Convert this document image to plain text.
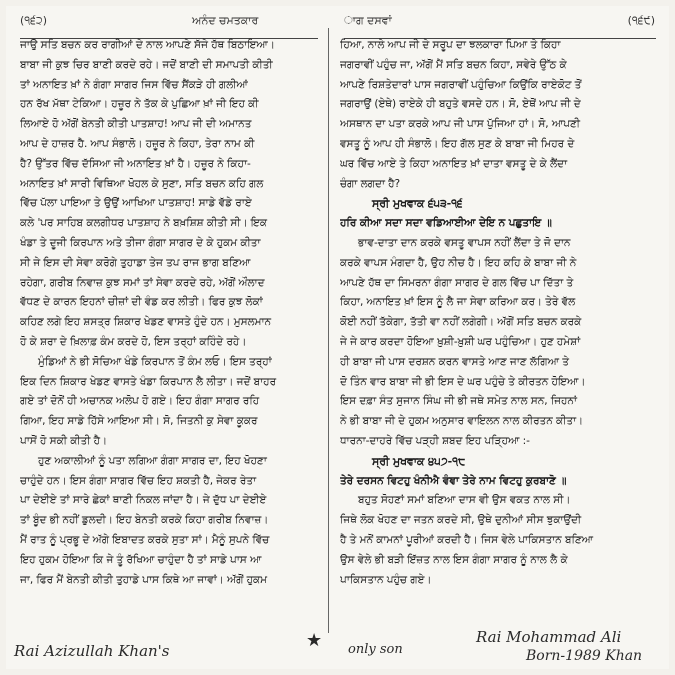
(੧੬੨)	ਅਨੰਦ ਚਮਤਕਾਰ	ਾਗ ਦਸਵਾਂ	(੧੬੯)
ਜਾਉ ਸਤਿ ਬਚਨ ਕਰ ਰਾਗੀਆਂ ਦੇ ਨਾਲ ਆਪਣੇ ਸੱਜੇ ਹੱਥ ਬਿਠਾਇਆ।
ਬਾਬਾ ਜੀ ਕੁਝ ਚਿਰ ਬਾਣੀ ਕਰਦੇ ਰਹੇ। ਜਦੋਂ ਬਾਣੀ ਦੀ ਸਮਾਪਤੀ ਕੀਤੀ
ਤਾਂ ਅਨਾਇਤ ਖ਼ਾਂ ਨੇ ਗੰਗਾ ਸਾਗਰ ਜਿਸ ਵਿੱਚ ਸੈਂਕੜੇ ਹੀ ਗਲੀਆਂ
ਹਨ ਰੱਖ ਮੱਥਾ ਟੇਕਿਆ। ਹਜ਼ੂਰ ਨੇ ਤੱਕ ਕੇ ਪੁਛਿਆ ਖ਼ਾਂ ਜੀ ਇਹ ਕੀ
ਲਿਆਏ ਹੋ ਅੱਗੋਂ ਬੇਨਤੀ ਕੀਤੀ ਪਾਤਸ਼ਾਹ! ਆਪ ਜੀ ਦੀ ਅਮਾਨਤ
ਆਪ ਦੇ ਹਾਜ਼ਰ ਹੈ. ਆਪ ਸੰਭਾਲੋ। ਹਜ਼ੂਰ ਨੇ ਕਿਹਾ, ਤੇਰਾ ਨਾਮ ਕੀ
ਹੈ? ਉੱਤਰ ਵਿੱਚ ਦੱਸਿਆ ਜੀ ਅਨਾਇਤ ਖ਼ਾਂ ਹੈ। ਹਜ਼ੂਰ ਨੇ ਕਿਹਾ-
ਅਨਾਇਤ ਖ਼ਾਂ ਸਾਰੀ ਵਿਥਿਆ ਖੋਹਲ ਕੇ ਸੁਣਾ, ਸਤਿ ਬਚਨ ਕਹਿ ਗਲ
ਵਿੱਚ ਪੱਲਾ ਪਾਇਆ ਤੇ ਉਉਂ ਆਖਿਆ ਪਾਤਸ਼ਾਹ! ਸਾਡੇ ਵੱਡੇ ਰਾਏ
ਕਲੇ 'ਪਰ ਸਾਹਿਬ ਕਲਗੀਧਰ ਪਾਤਸ਼ਾਹ ਨੇ ਬਖ਼ਸ਼ਿਸ਼ ਕੀਤੀ ਸੀ। ਇਕ
ਖੰਡਾ ਤੇ ਦੂਜੀ ਕਿਰਪਾਨ ਅਤੇ ਤੀਜਾ ਗੰਗਾ ਸਾਗਰ ਦੇ ਕੇ ਹੁਕਮ ਕੀਤਾ
ਸੀ ਜੇ ਇਸ ਦੀ ਸੇਵਾ ਕਰੋਗੇ ਤੁਹਾਡਾ ਤੇਜ ਤਪ ਰਾਜ ਭਾਗ ਬਣਿਆ
ਰਹੇਗਾ, ਗਰੀਬ ਨਿਵਾਜ਼ ਕੁਝ ਸਮਾਂ ਤਾਂ ਸੇਵਾ ਕਰਦੇ ਰਹੇ, ਅੱਗੋਂ ਔਲਾਦ
ਵੱਧਣ ਦੇ ਕਾਰਨ ਇਹਨਾਂ ਚੀਜ਼ਾਂ ਦੀ ਵੰਡ ਕਰ ਲੀਤੀ। ਫਿਰ ਕੁਝ ਲੋਕਾਂ
ਕਹਿਣ ਲਗੇ ਇਹ ਸ਼ਸਤ੍ਰ ਸ਼ਿਕਾਰ ਖੇਡਣ ਵਾਸਤੇ ਹੁੰਦੇ ਹਨ। ਮੁਸਲਮਾਨ
ਹੋ ਕੇ ਸ਼ਰਾ ਦੇ ਖ਼ਿਲਾਫ਼ ਕੰਮ ਕਰਦੇ ਹੋ, ਇਸ ਤਰ੍ਹਾਂ ਕਹਿੰਦੇ ਰਹੇ।
ਮੁੰਡਿਆਂ ਨੇ ਭੀ ਸੋਚਿਆ ਖੰਡੇ ਕਿਰਪਾਨ ਤੋਂ ਕੰਮ ਲਓ। ਇਸ ਤਰ੍ਹਾਂ
ਇਕ ਦਿਨ ਸ਼ਿਕਾਰ ਖੇਡਣ ਵਾਸਤੇ ਖੰਡਾ ਕਿਰਪਾਨ ਲੈ ਲੀਤਾ। ਜਦੋਂ ਬਾਹਰ
ਗਏ ਤਾਂ ਦੋਨੋਂ ਹੀ ਅਚਾਨਕ ਅਲੋਪ ਹੋ ਗਏ। ਇਹ ਗੰਗਾ ਸਾਗਰ ਰਹਿ
ਗਿਆ, ਇਹ ਸਾਡੇ ਹਿੱਸੇ ਆਇਆ ਸੀ। ਸੋ, ਜਿਤਨੀ ਕੁ ਸੇਵਾ ਕੂਕਰ
ਪਾਸੋਂ ਹੋ ਸਕੀ ਕੀਤੀ ਹੈ।
ਹੁਣ ਅਕਾਲੀਆਂ ਨੂੰ ਪਤਾ ਲਗਿਆ ਗੰਗਾ ਸਾਗਰ ਦਾ, ਇਹ ਖੋਹਣਾ
ਚਾਹੁੰਦੇ ਹਨ। ਇਸ ਗੰਗਾ ਸਾਗਰ ਵਿੱਚ ਇਹ ਸ਼ਕਤੀ ਹੈ, ਜੇਕਰ ਰੇਤਾ
ਪਾ ਦੇਈਏ ਤਾਂ ਸਾਰੇ ਛੇਕਾਂ ਥਾਣੀ ਨਿਕਲ ਜਾਂਦਾ ਹੈ। ਜੇ ਦੁੱਧ ਪਾ ਦੇਈਏ
ਤਾਂ ਬੂੰਦ ਭੀ ਨਹੀਂ ਡੁਲਦੀ। ਇਹ ਬੇਨਤੀ ਕਰਕੇ ਕਿਹਾ ਗਰੀਬ ਨਿਵਾਜ਼।
ਮੈਂ ਰਾਤ ਨੂੰ ਪ੍ਰਭੂ ਦੇ ਅੱਗੇ ਇਬਾਦਤ ਕਰਕੇ ਸੁਤਾ ਸਾਂ। ਮੈਨੂੰ ਸੁਪਨੇ ਵਿੱਚ
ਇਹ ਹੁਕਮ ਹੋਇਆ ਕਿ ਜੇ ਤੂੰ ਰੱਖਿਆ ਚਾਹੁੰਦਾ ਹੈ ਤਾਂ ਸਾਡੇ ਪਾਸ ਆ
ਜਾ, ਫਿਰ ਮੈਂ ਬੇਨਤੀ ਕੀਤੀ ਤੁਹਾਡੇ ਪਾਸ ਕਿਥੇ ਆ ਜਾਵਾਂ। ਅੱਗੋਂ ਹੁਕਮ
ਹਿਆ, ਨਾਲੇ ਆਪ ਜੀ ਦੇ ਸਰੂਪ ਦਾ ਝਲਕਾਰਾ ਪਿਆ ਤੇ ਕਿਹਾ
ਜਗਰਾਵੀਂ ਪਹੁੰਚ ਜਾ, ਅੱਗੋਂ ਮੈਂ ਸਤਿ ਬਚਨ ਕਿਹਾ, ਸਵੇਰੇ ਉੱਠ ਕੇ
ਆਪਣੇ ਰਿਸ਼ਤੇਦਾਰਾਂ ਪਾਸ ਜਗਰਾਵੀਂ ਪਹੁੰਚਿਆ ਕਿਉਂਕਿ ਰਾਏਕੋਟ ਤੋਂ
ਜਗਰਾਉਂ (ਏਥੇ) ਰਾਏਕੇ ਹੀ ਬਹੁਤੇ ਵਸਦੇ ਹਨ। ਸੋ, ਏਥੋਂ ਆਪ ਜੀ ਦੇ
ਅਸਥਾਨ ਦਾ ਪਤਾ ਕਰਕੇ ਆਪ ਜੀ ਪਾਸ ਪੁੱਜਿਆ ਹਾਂ। ਸੋ, ਆਪਣੀ
ਵਸਤੂ ਨੂੰ ਆਪ ਹੀ ਸੰਭਾਲੋ। ਇਹ ਗੱਲ ਸੁਣ ਕੇ ਬਾਬਾ ਜੀ ਮਿਹਰ ਦੇ
ਘਰ ਵਿੱਚ ਆਏ ਤੇ ਕਿਹਾ ਅਨਾਇਤ ਖ਼ਾਂ ਦਾਤਾ ਵਸਤੂ ਦੇ ਕੇ ਲੈਂਦਾ
ਚੰਗਾ ਲਗਦਾ ਹੈ?
ਸ੍ਰੀ ਮੁਖਵਾਕ ੬੫੩-੧੬
ਹਰਿ ਕੀਆ ਸਦਾ ਸਦਾ ਵਡਿਆਈਆ ਦੇਇ ਨ ਪਛੁਤਾਇ ॥
ਭਾਵ-ਦਾਤਾ ਦਾਨ ਕਰਕੇ ਵਸਤੂ ਵਾਪਸ ਨਹੀਂ ਲੈਂਦਾ ਤੇ ਜੋ ਦਾਨ
ਕਰਕੇ ਵਾਪਸ ਮੰਗਦਾ ਹੈ, ਉਹ ਨੀਚ ਹੈ। ਇਹ ਕਹਿ ਕੇ ਬਾਬਾ ਜੀ ਨੇ
ਆਪਣੇ ਹੱਥ ਦਾ ਸਿਮਰਨਾ ਗੰਗਾ ਸਾਗਰ ਦੇ ਗਲ ਵਿੱਚ ਪਾ ਦਿੱਤਾ ਤੇ
ਕਿਹਾ, ਅਨਾਇਤ ਖ਼ਾਂ ਇਸ ਨੂੰ ਲੈ ਜਾ ਸੇਵਾ ਕਰਿਆ ਕਰ। ਤੇਰੇ ਵੱਲ
ਕੋਈ ਨਹੀਂ ਤੱਕੇਗਾ, ਤੱਤੀ ਵਾ ਨਹੀਂ ਲਗੇਗੀ। ਅੱਗੋਂ ਸਤਿ ਬਚਨ ਕਰਕੇ
ਜੇ ਜੇ ਕਾਰ ਕਰਦਾ ਹੋਇਆ ਖ਼ੁਸ਼ੀ-ਖ਼ੁਸ਼ੀ ਘਰ ਪਹੁੰਚਿਆ। ਹੁਣ ਹਮੇਸ਼ਾਂ
ਹੀ ਬਾਬਾ ਜੀ ਪਾਸ ਦਰਸ਼ਨ ਕਰਨ ਵਾਸਤੇ ਆਣ ਜਾਣ ਲੱਗਿਆ ਤੇ
ਦੋ ਤਿੰਨ ਵਾਰ ਬਾਬਾ ਜੀ ਭੀ ਇਸ ਦੇ ਘਰ ਪਹੁੰਚੇ ਤੇ ਕੀਰਤਨ ਹੋਇਆ।
ਇਸ ਦਫ਼ਾ ਸੰਤ ਸੁਜਾਨ ਸਿੰਘ ਜੀ ਭੀ ਜਥੇ ਸਮੇਤ ਨਾਲ ਸਨ, ਜਿਹਨਾਂ
ਨੇ ਭੀ ਬਾਬਾ ਜੀ ਦੇ ਹੁਕਮ ਅਨੁਸਾਰ ਵਾਇਲਨ ਨਾਲ ਕੀਰਤਨ ਕੀਤਾ।
ਧਾਰਨਾ-ਦਾਹਰੇ ਵਿੱਚ ਪੜ੍ਹੀ ਸ਼ਬਦ ਇਹ ਪੜ੍ਹਿਆ :-
ਸ੍ਰੀ ਮੁਖਵਾਕ ੪੫੭-੧੮
ਤੇਰੇ ਦਰਸਨ ਵਿਟਹੁ ਖੰਨੀਐ ਵੰਞਾ ਤੇਰੇ ਨਾਮ ਵਿਟਹੁ ਕੁਰਬਾਣੋ ॥
ਬਹੁਤ ਸੋਹਣਾਂ ਸਮਾਂ ਬਣਿਆ ਦਾਸ ਵੀ ਉਸ ਵਕਤ ਨਾਲ ਸੀ।
ਜਿਥੇ ਲੋਕ ਖੋਹਣ ਦਾ ਜਤਨ ਕਰਦੇ ਸੀ, ਉਥੇ ਦੁਨੀਆਂ ਸੀਸ ਝੁਕਾਉਂਦੀ
ਹੈ ਤੇ ਮਨੋਂ ਕਾਮਨਾਂ ਪੂਰੀਆਂ ਕਰਦੀ ਹੈ। ਜਿਸ ਵੇਲੇ ਪਾਕਿਸਤਾਨ ਬਣਿਆ
ਉਸ ਵੇਲੇ ਭੀ ਬੜੀ ਇੱਜ਼ਤ ਨਾਲ ਇਸ ਗੰਗਾ ਸਾਗਰ ਨੂੰ ਨਾਲ ਲੈ ਕੇ
ਪਾਕਿਸਤਾਨ ਪਹੁੰਚ ਗਏ।
Rai Azizullah Khan's	★ only son
Rai Mohammad Ali
Born-1989 Khan
